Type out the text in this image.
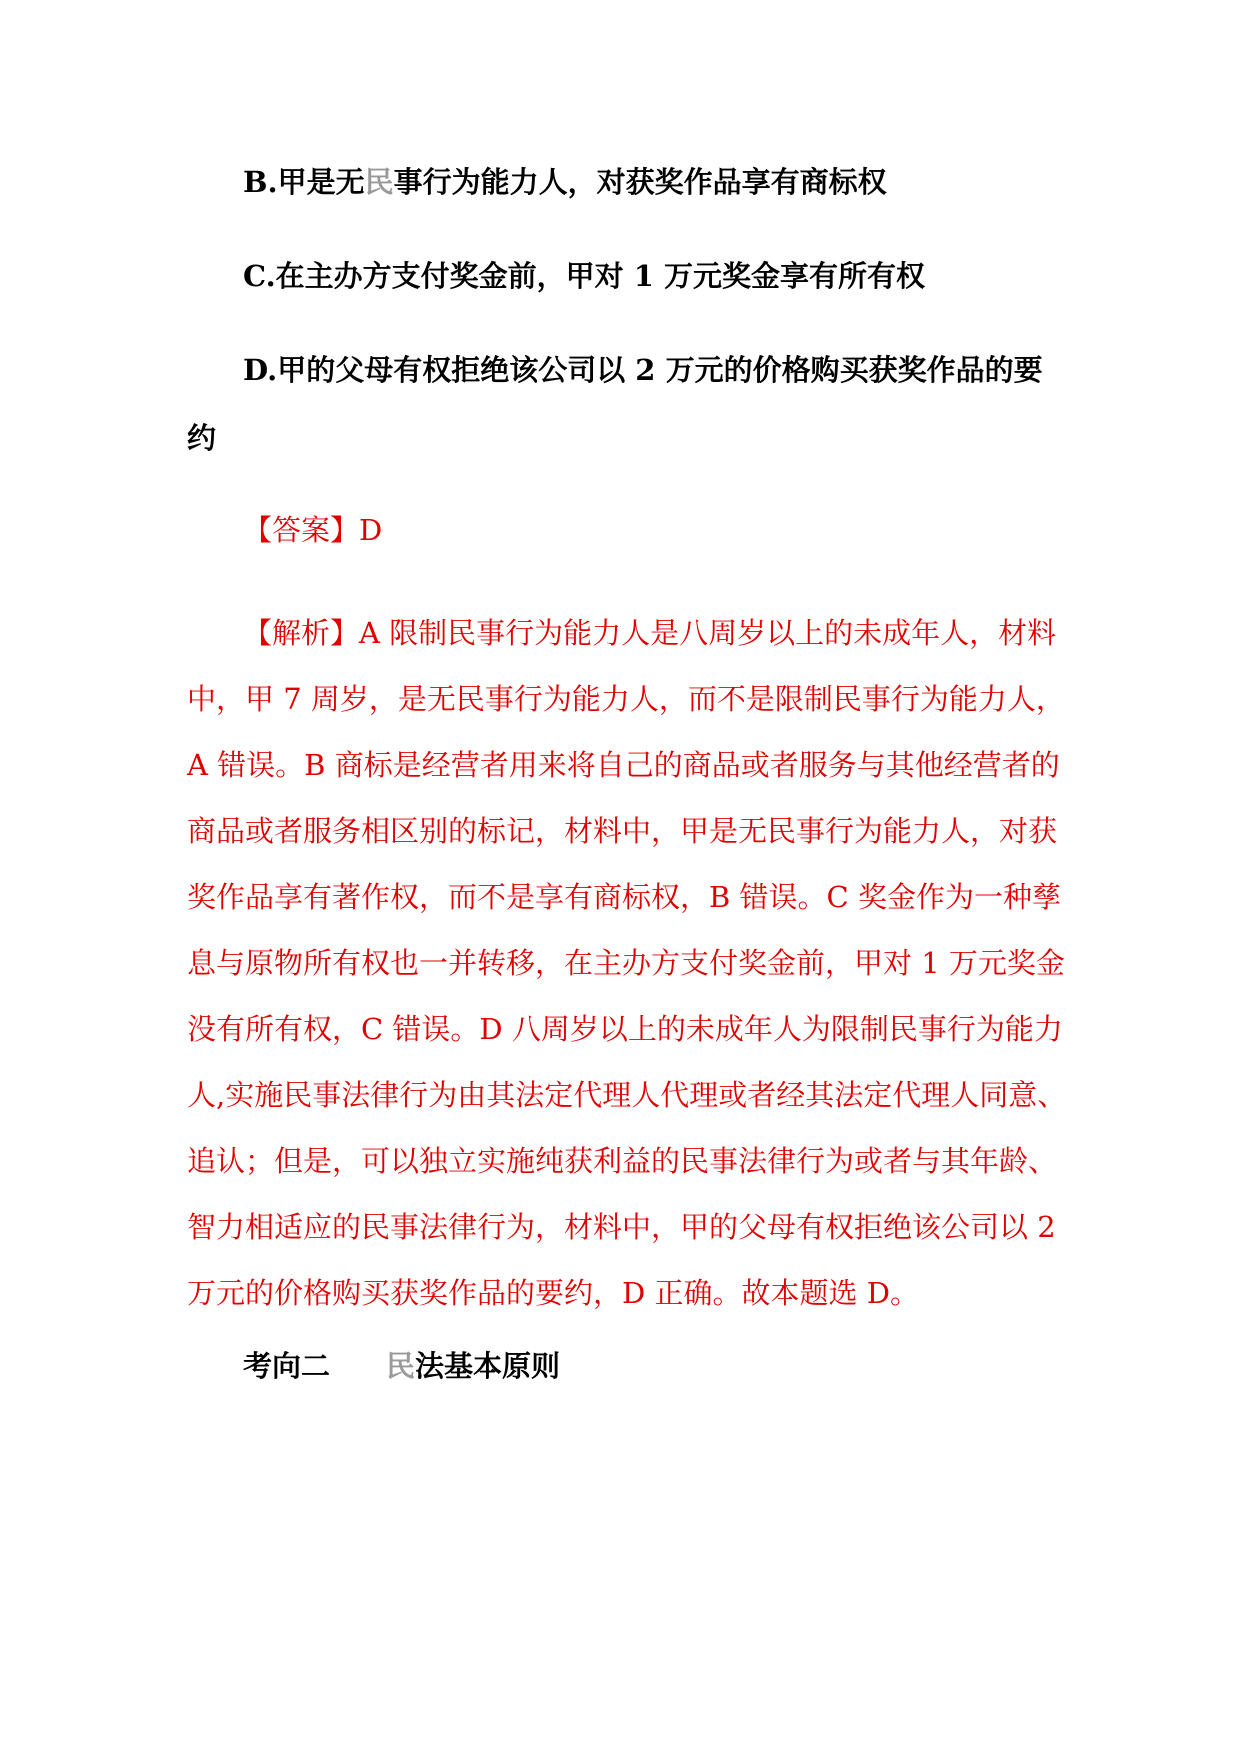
B.甲是无民事行为能力人，对获奖作品享有商标权
C.在主办方支付奖金前，甲对 1 万元奖金享有所有权
D.甲的父母有权拒绝该公司以 2 万元的价格购买获奖作品的要
约
【答案】D
【解析】A 限制民事行为能力人是八周岁以上的未成年人，材料
中，甲 7 周岁，是无民事行为能力人，而不是限制民事行为能力人，
A 错误。B 商标是经营者用来将自己的商品或者服务与其他经营者的
商品或者服务相区别的标记，材料中，甲是无民事行为能力人，对获
奖作品享有著作权，而不是享有商标权，B 错误。C 奖金作为一种孳
息与原物所有权也一并转移，在主办方支付奖金前，甲对 1 万元奖金
没有所有权，C 错误。D 八周岁以上的未成年人为限制民事行为能力
人,实施民事法律行为由其法定代理人代理或者经其法定代理人同意、
追认；但是，可以独立实施纯获利益的民事法律行为或者与其年龄、
智力相适应的民事法律行为，材料中，甲的父母有权拒绝该公司以 2
万元的价格购买获奖作品的要约，D 正确。故本题选 D。
考向二 民法基本原则
